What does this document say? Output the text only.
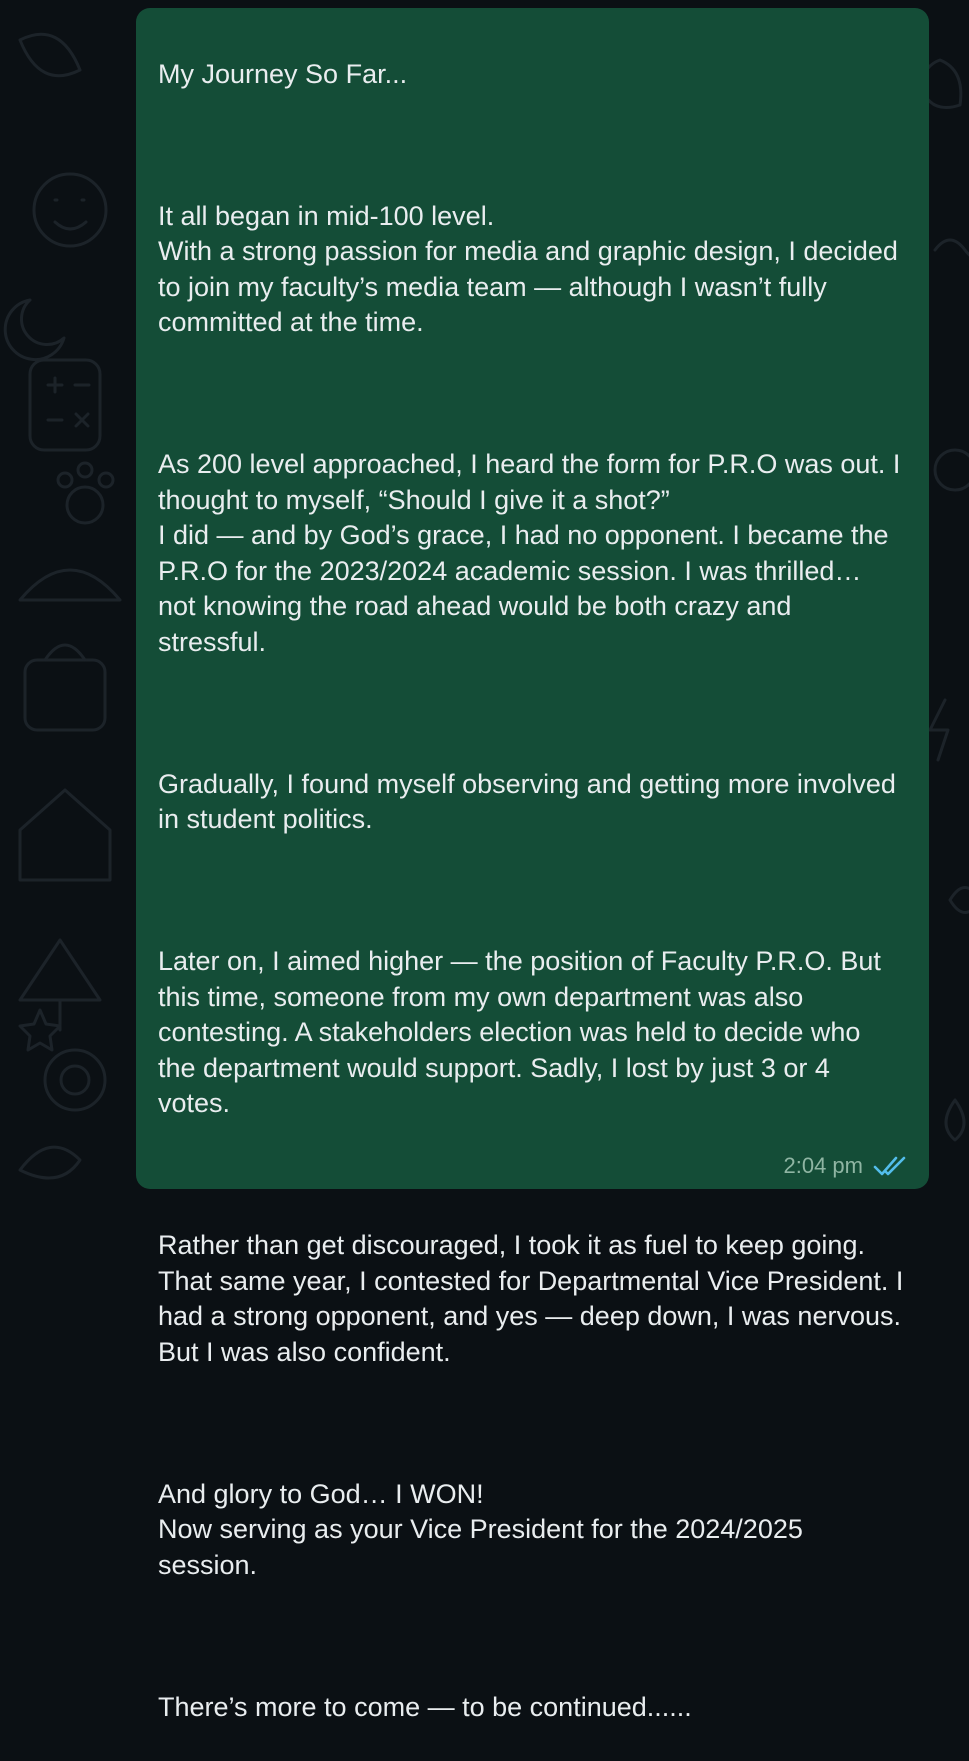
My Journey So Far...

It all began in mid-100 level.
With a strong passion for media and graphic design, I decided to join my faculty’s media team — although I wasn’t fully committed at the time.

As 200 level approached, I heard the form for P.R.O was out. I thought to myself, “Should I give it a shot?”
I did — and by God’s grace, I had no opponent. I became the P.R.O for the 2023/2024 academic session. I was thrilled… not knowing the road ahead would be both crazy and stressful.

Gradually, I found myself observing and getting more involved in student politics.

Later on, I aimed higher — the position of Faculty P.R.O. But this time, someone from my own department was also contesting. A stakeholders election was held to decide who the department would support. Sadly, I lost by just 3 or 4 votes.

Rather than get discouraged, I took it as fuel to keep going. That same year, I contested for Departmental Vice President. I had a strong opponent, and yes — deep down, I was nervous. But I was also confident.

And glory to God… I WON!
Now serving as your Vice President for the 2024/2025 session.

There’s more to come — to be continued......

2:04 pm
